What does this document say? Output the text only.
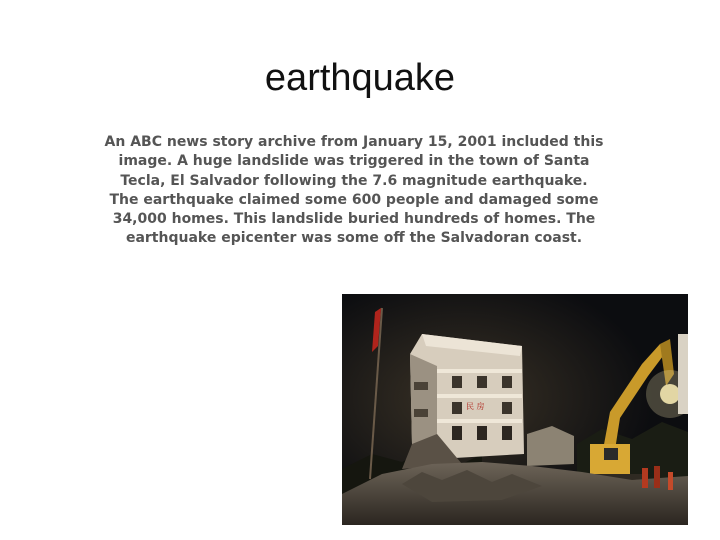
earthquake
An ABC news story archive from January 15, 2001 included this image. A huge landslide was triggered in the town of Santa Tecla, El Salvador following the 7.6 magnitude earthquake. The earthquake claimed some 600 people and damaged some 34,000 homes. This landslide buried hundreds of homes. The earthquake epicenter was some off the Salvadoran coast.
民 房
